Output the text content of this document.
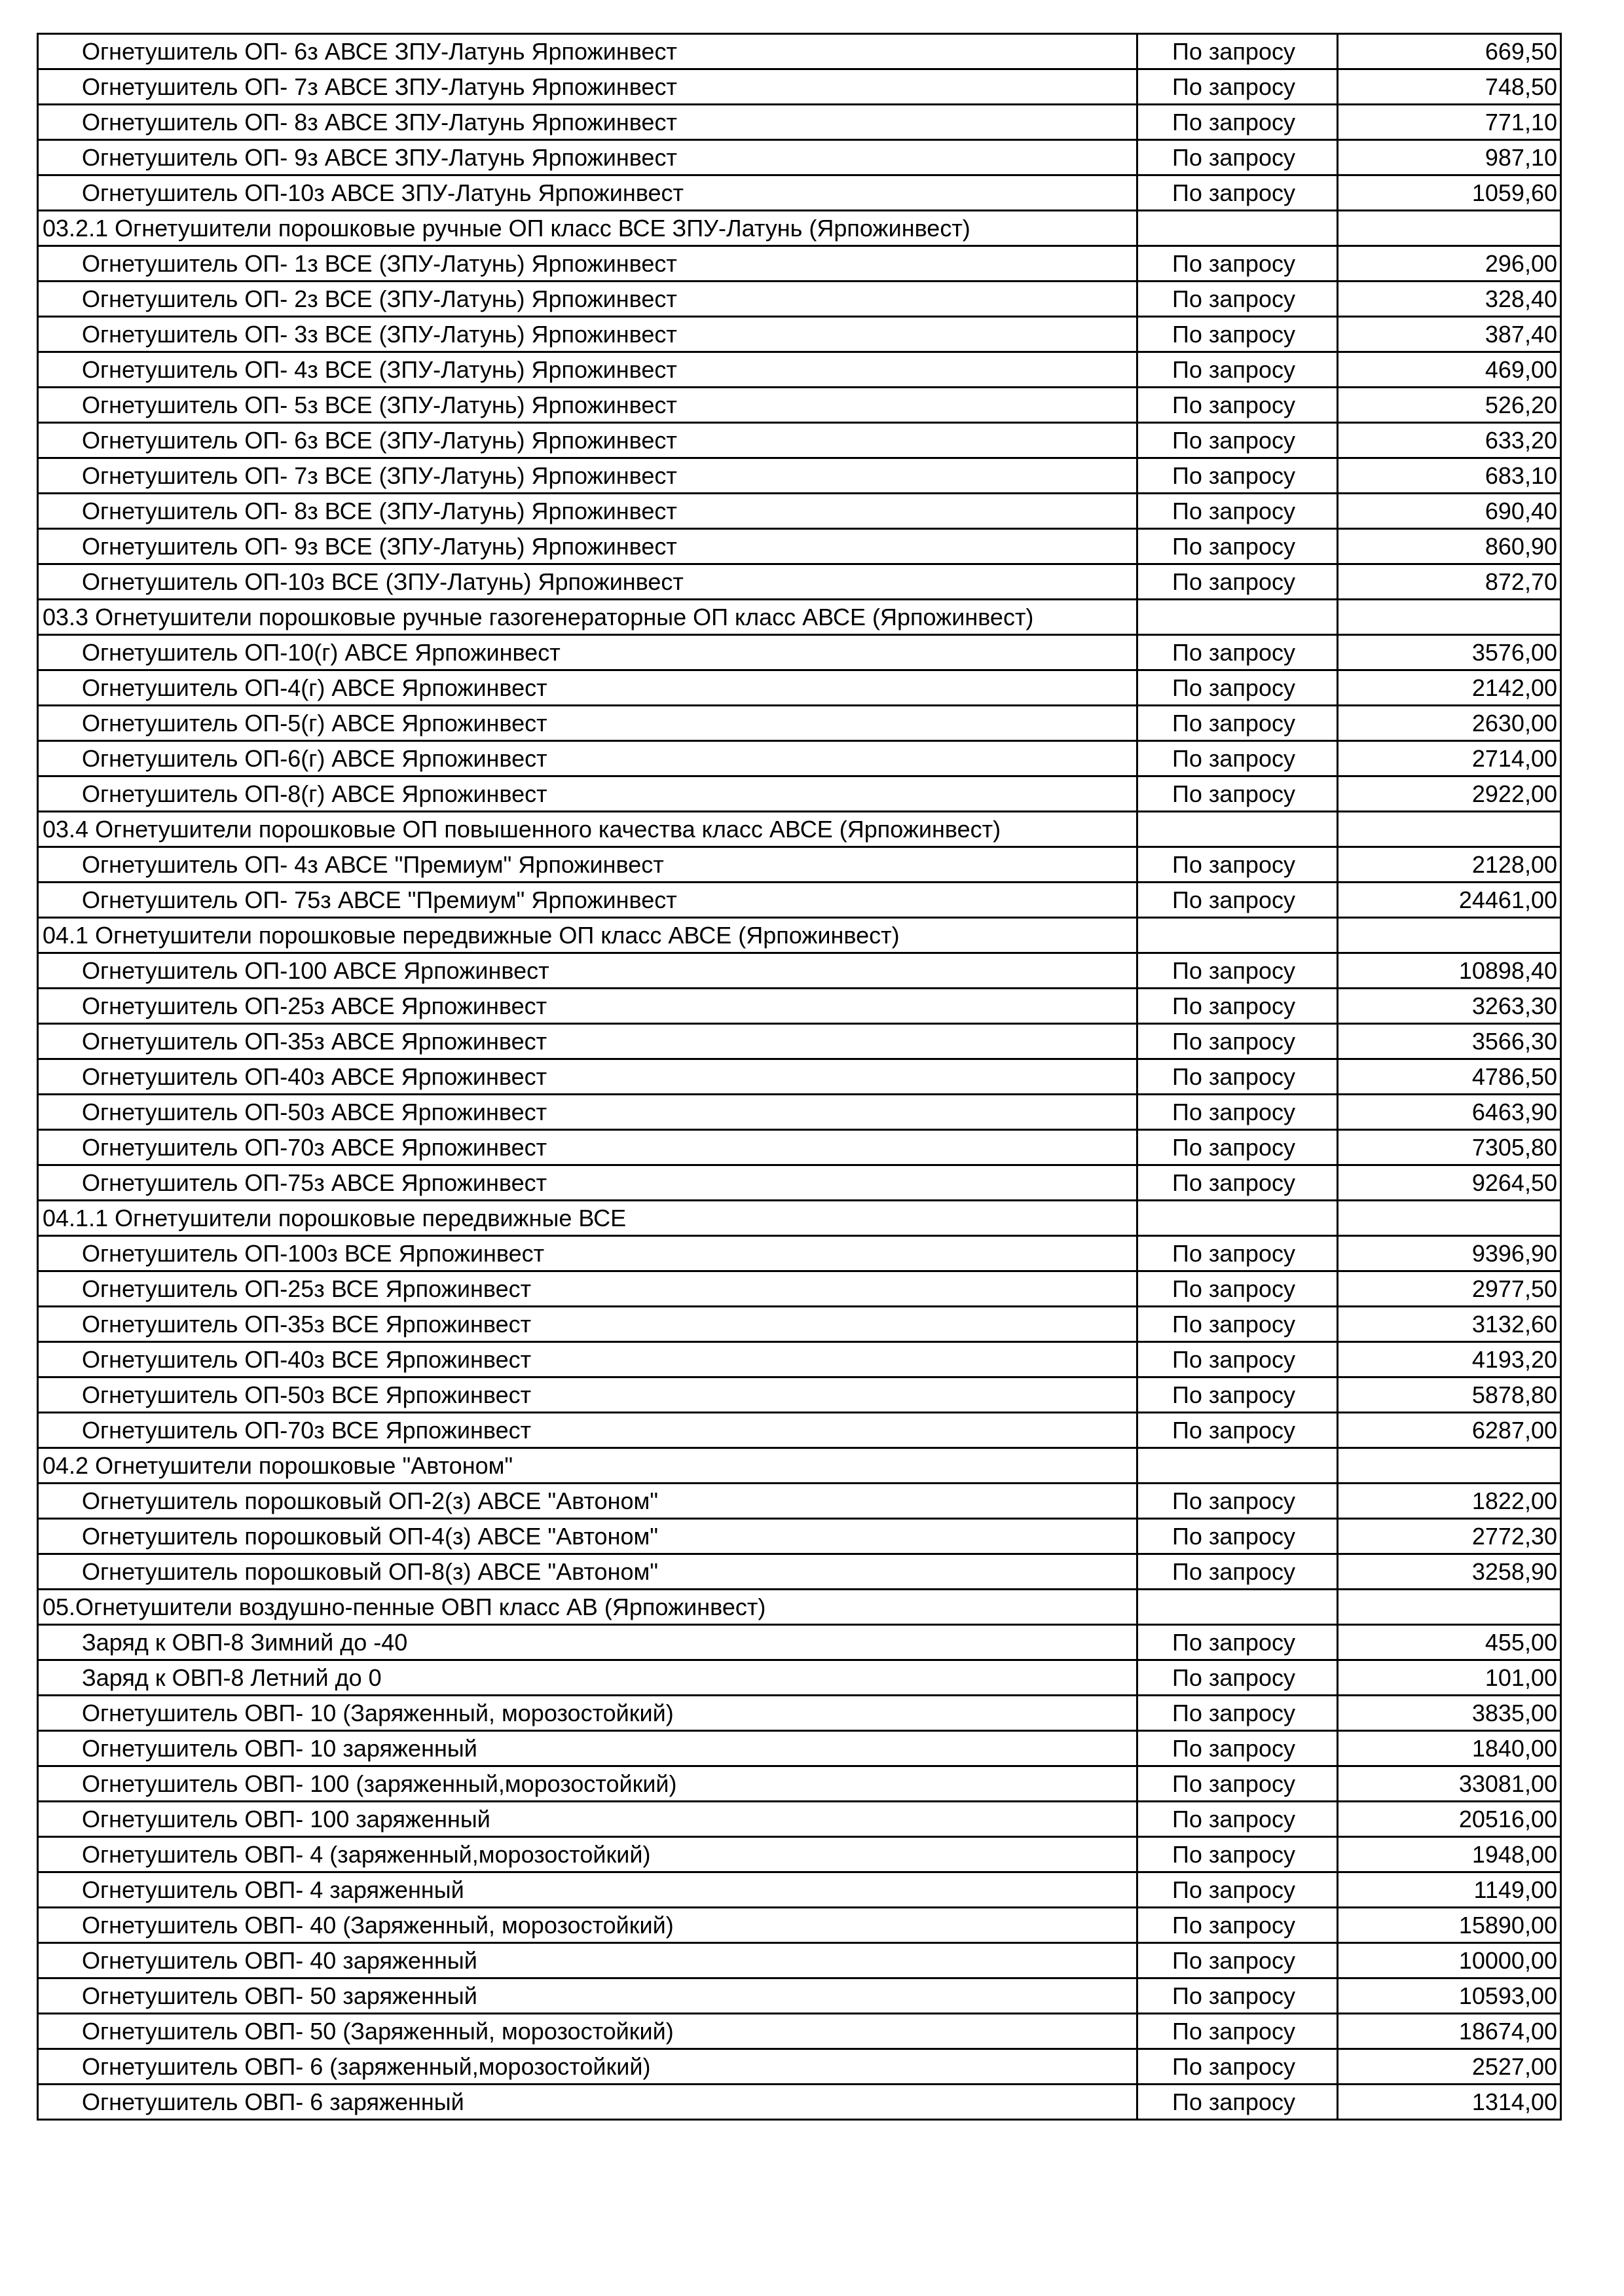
Огнетушитель ОП- 6з АВСЕ ЗПУ-Латунь Ярпожинвест	По запросу	669,50
Огнетушитель ОП- 7з АВСЕ ЗПУ-Латунь Ярпожинвест	По запросу	748,50
Огнетушитель ОП- 8з АВСЕ ЗПУ-Латунь Ярпожинвест	По запросу	771,10
Огнетушитель ОП- 9з АВСЕ ЗПУ-Латунь Ярпожинвест	По запросу	987,10
Огнетушитель ОП-10з АВСЕ ЗПУ-Латунь Ярпожинвест	По запросу	1059,60
03.2.1 Огнетушители порошковые ручные ОП класс ВСЕ ЗПУ-Латунь (Ярпожинвест)		
Огнетушитель ОП- 1з ВСЕ (ЗПУ-Латунь) Ярпожинвест	По запросу	296,00
Огнетушитель ОП- 2з ВСЕ (ЗПУ-Латунь) Ярпожинвест	По запросу	328,40
Огнетушитель ОП- 3з ВСЕ (ЗПУ-Латунь) Ярпожинвест	По запросу	387,40
Огнетушитель ОП- 4з ВСЕ (ЗПУ-Латунь) Ярпожинвест	По запросу	469,00
Огнетушитель ОП- 5з ВСЕ (ЗПУ-Латунь) Ярпожинвест	По запросу	526,20
Огнетушитель ОП- 6з ВСЕ (ЗПУ-Латунь) Ярпожинвест	По запросу	633,20
Огнетушитель ОП- 7з ВСЕ (ЗПУ-Латунь) Ярпожинвест	По запросу	683,10
Огнетушитель ОП- 8з ВСЕ (ЗПУ-Латунь) Ярпожинвест	По запросу	690,40
Огнетушитель ОП- 9з ВСЕ (ЗПУ-Латунь) Ярпожинвест	По запросу	860,90
Огнетушитель ОП-10з ВСЕ (ЗПУ-Латунь) Ярпожинвест	По запросу	872,70
03.3 Огнетушители порошковые ручные газогенераторные ОП класс АВСЕ (Ярпожинвест)		
Огнетушитель ОП-10(г) АВСЕ Ярпожинвест	По запросу	3576,00
Огнетушитель ОП-4(г) АВСЕ Ярпожинвест	По запросу	2142,00
Огнетушитель ОП-5(г) АВСЕ Ярпожинвест	По запросу	2630,00
Огнетушитель ОП-6(г) АВСЕ Ярпожинвест	По запросу	2714,00
Огнетушитель ОП-8(г) АВСЕ Ярпожинвест	По запросу	2922,00
03.4 Огнетушители порошковые ОП повышенного качества класс АВСЕ (Ярпожинвест)		
Огнетушитель ОП- 4з АВСЕ "Премиум" Ярпожинвест	По запросу	2128,00
Огнетушитель ОП- 75з АВСЕ "Премиум" Ярпожинвест	По запросу	24461,00
04.1 Огнетушители порошковые передвижные ОП класс АВСЕ (Ярпожинвест)		
Огнетушитель ОП-100 АВСЕ Ярпожинвест	По запросу	10898,40
Огнетушитель ОП-25з АВСЕ Ярпожинвест	По запросу	3263,30
Огнетушитель ОП-35з АВСЕ Ярпожинвест	По запросу	3566,30
Огнетушитель ОП-40з АВСЕ Ярпожинвест	По запросу	4786,50
Огнетушитель ОП-50з АВСЕ Ярпожинвест	По запросу	6463,90
Огнетушитель ОП-70з АВСЕ Ярпожинвест	По запросу	7305,80
Огнетушитель ОП-75з АВСЕ Ярпожинвест	По запросу	9264,50
04.1.1 Огнетушители порошковые передвижные ВСЕ		
Огнетушитель ОП-100з ВСЕ Ярпожинвест	По запросу	9396,90
Огнетушитель ОП-25з ВСЕ Ярпожинвест	По запросу	2977,50
Огнетушитель ОП-35з ВСЕ Ярпожинвест	По запросу	3132,60
Огнетушитель ОП-40з ВСЕ Ярпожинвест	По запросу	4193,20
Огнетушитель ОП-50з ВСЕ Ярпожинвест	По запросу	5878,80
Огнетушитель ОП-70з ВСЕ Ярпожинвест	По запросу	6287,00
04.2 Огнетушители порошковые "Автоном"		
Огнетушитель порошковый ОП-2(з) АВСЕ "Автоном"	По запросу	1822,00
Огнетушитель порошковый ОП-4(з) АВСЕ "Автоном"	По запросу	2772,30
Огнетушитель порошковый ОП-8(з) АВСЕ "Автоном"	По запросу	3258,90
05.Огнетушители воздушно-пенные ОВП класс АВ (Ярпожинвест)		
Заряд к ОВП-8 Зимний до -40	По запросу	455,00
Заряд к ОВП-8 Летний до 0	По запросу	101,00
Огнетушитель ОВП- 10 (Заряженный, морозостойкий)	По запросу	3835,00
Огнетушитель ОВП- 10 заряженный	По запросу	1840,00
Огнетушитель ОВП- 100 (заряженный,морозостойкий)	По запросу	33081,00
Огнетушитель ОВП- 100 заряженный	По запросу	20516,00
Огнетушитель ОВП- 4 (заряженный,морозостойкий)	По запросу	1948,00
Огнетушитель ОВП- 4 заряженный	По запросу	1149,00
Огнетушитель ОВП- 40 (Заряженный, морозостойкий)	По запросу	15890,00
Огнетушитель ОВП- 40 заряженный	По запросу	10000,00
Огнетушитель ОВП- 50 заряженный	По запросу	10593,00
Огнетушитель ОВП- 50 (Заряженный, морозостойкий)	По запросу	18674,00
Огнетушитель ОВП- 6 (заряженный,морозостойкий)	По запросу	2527,00
Огнетушитель ОВП- 6 заряженный	По запросу	1314,00
